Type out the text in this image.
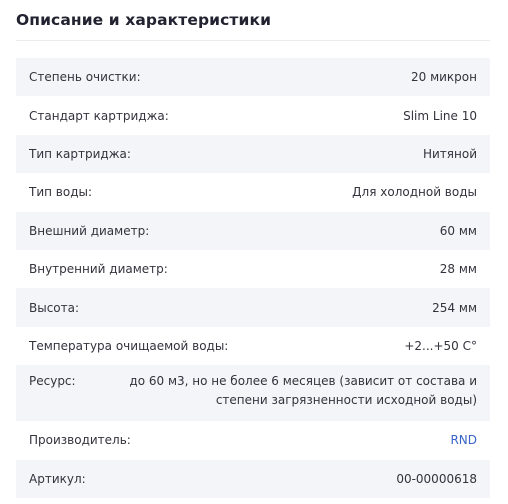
Описание и характеристики
Степень очистки:	20 микрон
Стандарт картриджа:	Slim Line 10
Тип картриджа:	Нитяной
Тип воды:	Для холодной воды
Внешний диаметр:	60 мм
Внутренний диаметр:	28 мм
Высота:	254 мм
Температура очищаемой воды:	+2...+50 С°
Ресурс:	до 60 м3, но не более 6 месяцев (зависит от состава и степени загрязненности исходной воды)
Производитель:	RND
Артикул:	00-00000618
